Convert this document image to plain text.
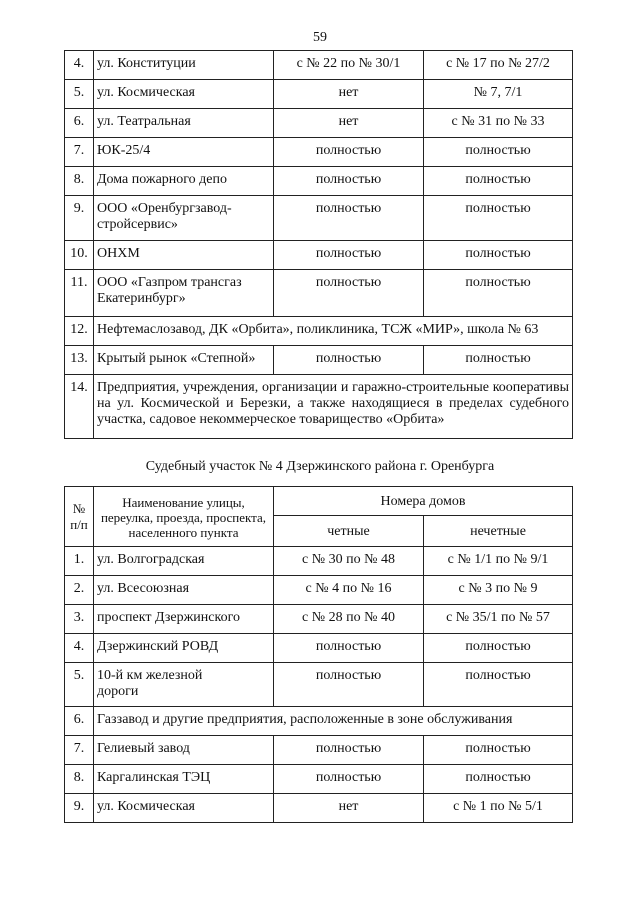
59
4.	ул. Конституции	с № 22 по № 30/1	с № 17 по № 27/2
5.	ул. Космическая	нет	№ 7, 7/1
6.	ул. Театральная	нет	с № 31 по № 33
7.	ЮК-25/4	полностью	полностью
8.	Дома пожарного депо	полностью	полностью
9.	ООО «Оренбургзавод-стройсервис»	полностью	полностью
10.	ОНХМ	полностью	полностью
11.	ООО «Газпром трансгаз Екатеринбург»	полностью	полностью
12.	Нефтемаслозавод, ДК «Орбита», поликлиника, ТСЖ «МИР», школа № 63		
13.	Крытый рынок «Степной»	полностью	полностью
14.	Предприятия, учреждения, организации и гаражно-строительные кооперативы на ул. Космической и Березки, а также находящиеся в пределах судебного участка, садовое некоммерческое товарищество «Орбита»		
Судебный участок № 4 Дзержинского района г. Оренбурга
№ п/п	Наименование улицы, переулка, проезда, проспекта, населенного пункта	Номера домов	
		четные	нечетные
1.	ул. Волгоградская	с № 30 по № 48	с № 1/1 по № 9/1
2.	ул. Всесоюзная	с № 4 по № 16	с № 3 по № 9
3.	проспект Дзержинского	с № 28 по № 40	с № 35/1 по № 57
4.	Дзержинский РОВД	полностью	полностью
5.	10-й км железной дороги	полностью	полностью
6.	Газзавод и другие предприятия, расположенные в зоне обслуживания		
7.	Гелиевый завод	полностью	полностью
8.	Каргалинская ТЭЦ	полностью	полностью
9.	ул. Космическая	нет	с № 1 по № 5/1
